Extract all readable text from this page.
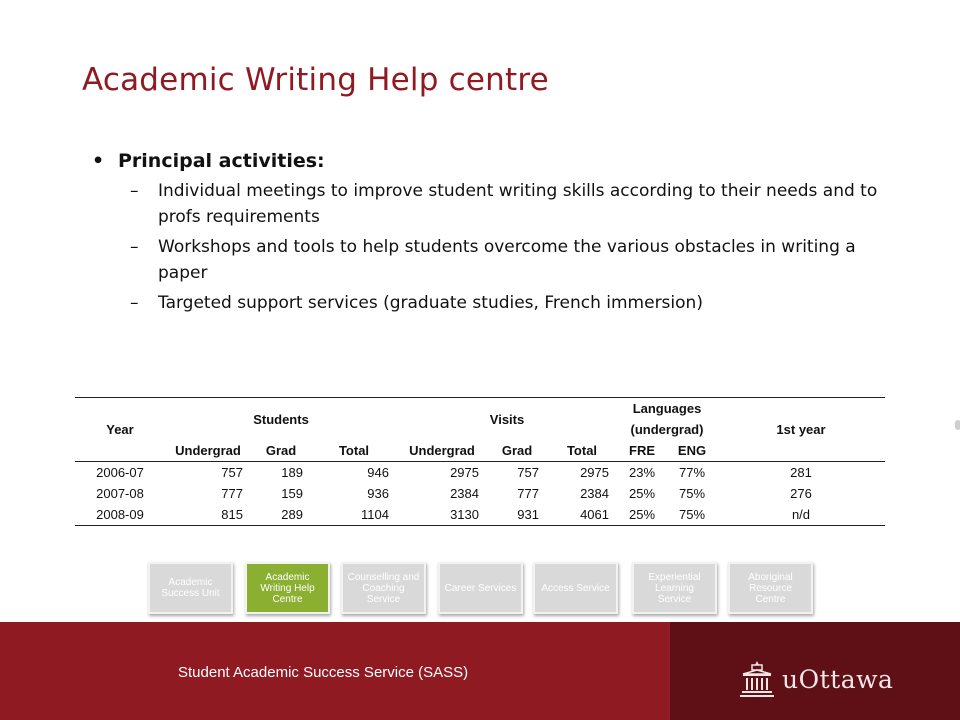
Academic Writing Help centre

• Principal activities:

– Individual meetings to improve student writing skills according to their needs and to profs requirements

– Workshops and tools to help students overcome the various obstacles in writing a paper

– Targeted support services (graduate studies, French immersion)

Year	Students			Visits			Languages
(undergrad)		1st year
	Undergrad	Grad	Total	Undergrad	Grad	Total	FRE	ENG	
2006-07	757	189	946	2975	757	2975	23%	77%	281
2007-08	777	159	936	2384	777	2384	25%	75%	276
2008-09	815	289	1104	3130	931	4061	25%	75%	n/d
Academic Success Unit
Academic Writing Help Centre
Counselling and Coaching Service
Career Services	Access Service
Experiential Learning Service
Aboriginal Resource Centre
Student Academic Success Service (SASS)	uOttawa
